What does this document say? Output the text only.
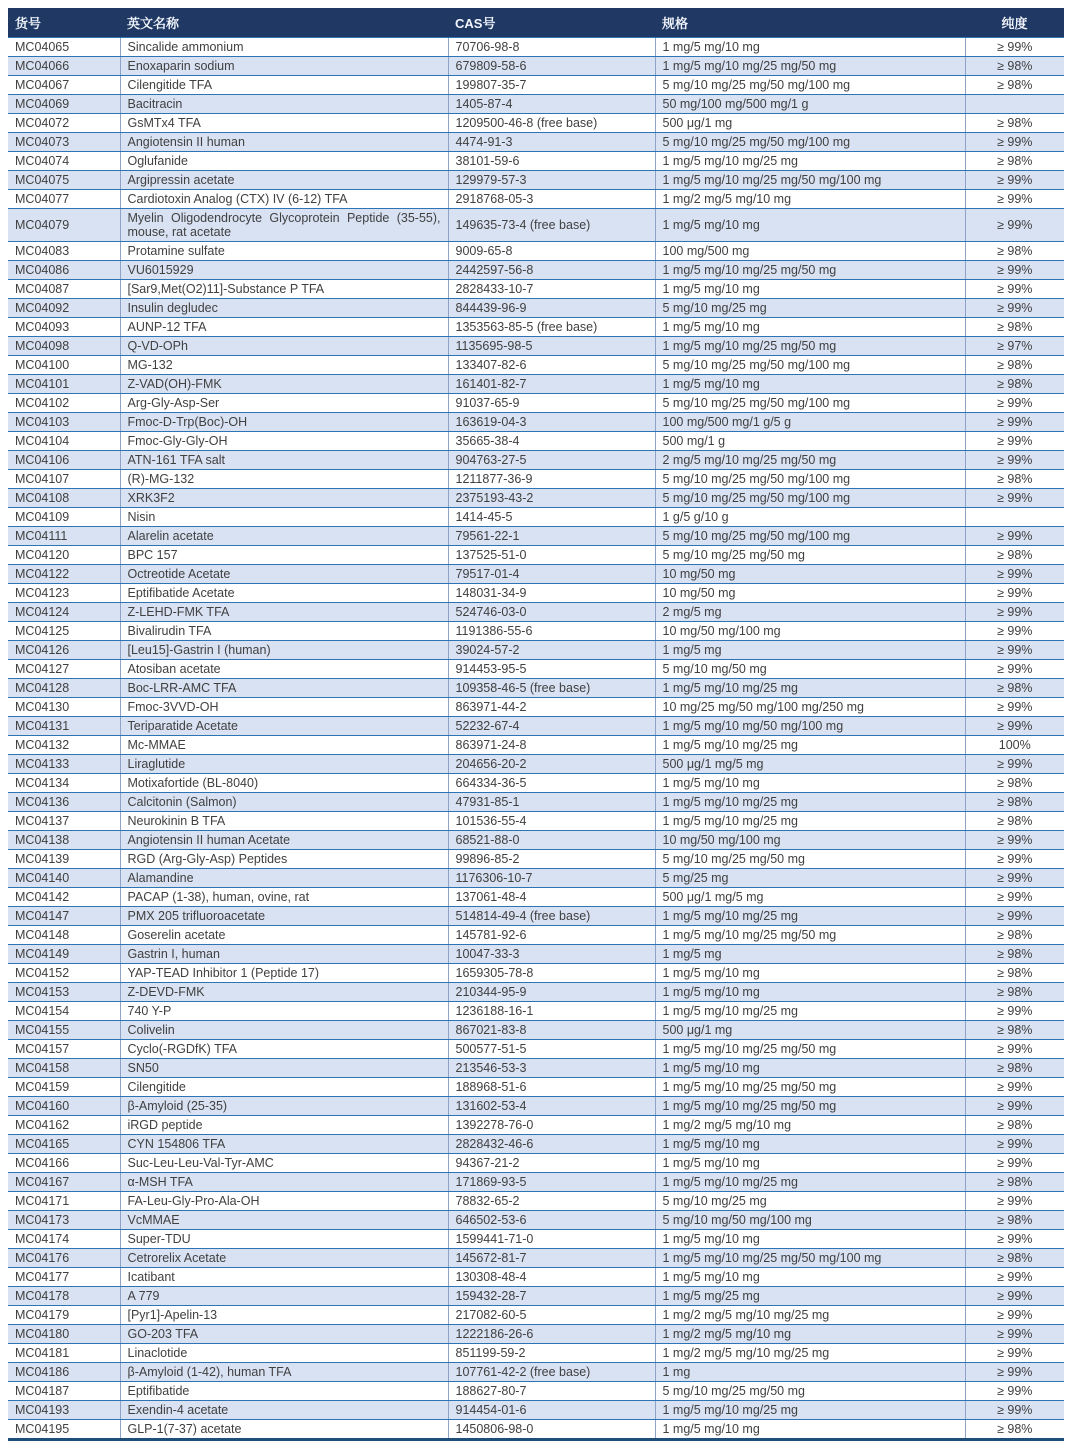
货号	英文名称	CAS号	规格	纯度
MC04065	Sincalide ammonium	70706-98-8	1 mg/5 mg/10 mg	≥ 99%
MC04066	Enoxaparin sodium	679809-58-6	1 mg/5 mg/10 mg/25 mg/50 mg	≥ 98%
MC04067	Cilengitide TFA	199807-35-7	5 mg/10 mg/25 mg/50 mg/100 mg	≥ 98%
MC04069	Bacitracin	1405-87-4	50 mg/100 mg/500 mg/1 g	
MC04072	GsMTx4 TFA	1209500-46-8 (free base)	500 μg/1 mg	≥ 98%
MC04073	Angiotensin II human	4474-91-3	5 mg/10 mg/25 mg/50 mg/100 mg	≥ 99%
MC04074	Oglufanide	38101-59-6	1 mg/5 mg/10 mg/25 mg	≥ 98%
MC04075	Argipressin acetate	129979-57-3	1 mg/5 mg/10 mg/25 mg/50 mg/100 mg	≥ 99%
MC04077	Cardiotoxin Analog (CTX) IV (6-12) TFA	2918768-05-3	1 mg/2 mg/5 mg/10 mg	≥ 99%
MC04079	Myelin Oligodendrocyte Glycoprotein Peptide (35-55), mouse, rat acetate	149635-73-4 (free base)	1 mg/5 mg/10 mg	≥ 99%
MC04083	Protamine sulfate	9009-65-8	100 mg/500 mg	≥ 98%
MC04086	VU6015929	2442597-56-8	1 mg/5 mg/10 mg/25 mg/50 mg	≥ 99%
MC04087	[Sar9,Met(O2)11]-Substance P TFA	2828433-10-7	1 mg/5 mg/10 mg	≥ 99%
MC04092	Insulin degludec	844439-96-9	5 mg/10 mg/25 mg	≥ 99%
MC04093	AUNP-12 TFA	1353563-85-5 (free base)	1 mg/5 mg/10 mg	≥ 98%
MC04098	Q-VD-OPh	1135695-98-5	1 mg/5 mg/10 mg/25 mg/50 mg	≥ 97%
MC04100	MG-132	133407-82-6	5 mg/10 mg/25 mg/50 mg/100 mg	≥ 98%
MC04101	Z-VAD(OH)-FMK	161401-82-7	1 mg/5 mg/10 mg	≥ 98%
MC04102	Arg-Gly-Asp-Ser	91037-65-9	5 mg/10 mg/25 mg/50 mg/100 mg	≥ 99%
MC04103	Fmoc-D-Trp(Boc)-OH	163619-04-3	100 mg/500 mg/1 g/5 g	≥ 99%
MC04104	Fmoc-Gly-Gly-OH	35665-38-4	500 mg/1 g	≥ 99%
MC04106	ATN-161 TFA salt	904763-27-5	2 mg/5 mg/10 mg/25 mg/50 mg	≥ 99%
MC04107	(R)-MG-132	1211877-36-9	5 mg/10 mg/25 mg/50 mg/100 mg	≥ 98%
MC04108	XRK3F2	2375193-43-2	5 mg/10 mg/25 mg/50 mg/100 mg	≥ 99%
MC04109	Nisin	1414-45-5	1 g/5 g/10 g	
MC04111	Alarelin acetate	79561-22-1	5 mg/10 mg/25 mg/50 mg/100 mg	≥ 99%
MC04120	BPC 157	137525-51-0	5 mg/10 mg/25 mg/50 mg	≥ 98%
MC04122	Octreotide Acetate	79517-01-4	10 mg/50 mg	≥ 99%
MC04123	Eptifibatide Acetate	148031-34-9	10 mg/50 mg	≥ 99%
MC04124	Z-LEHD-FMK TFA	524746-03-0	2 mg/5 mg	≥ 99%
MC04125	Bivalirudin TFA	1191386-55-6	10 mg/50 mg/100 mg	≥ 99%
MC04126	[Leu15]-Gastrin I (human)	39024-57-2	1 mg/5 mg	≥ 99%
MC04127	Atosiban acetate	914453-95-5	5 mg/10 mg/50 mg	≥ 99%
MC04128	Boc-LRR-AMC TFA	109358-46-5 (free base)	1 mg/5 mg/10 mg/25 mg	≥ 98%
MC04130	Fmoc-3VVD-OH	863971-44-2	10 mg/25 mg/50 mg/100 mg/250 mg	≥ 99%
MC04131	Teriparatide Acetate	52232-67-4	1 mg/5 mg/10 mg/50 mg/100 mg	≥ 99%
MC04132	Mc-MMAE	863971-24-8	1 mg/5 mg/10 mg/25 mg	100%
MC04133	Liraglutide	204656-20-2	500 μg/1 mg/5 mg	≥ 99%
MC04134	Motixafortide (BL-8040)	664334-36-5	1 mg/5 mg/10 mg	≥ 98%
MC04136	Calcitonin (Salmon)	47931-85-1	1 mg/5 mg/10 mg/25 mg	≥ 98%
MC04137	Neurokinin B TFA	101536-55-4	1 mg/5 mg/10 mg/25 mg	≥ 98%
MC04138	Angiotensin II human Acetate	68521-88-0	10 mg/50 mg/100 mg	≥ 99%
MC04139	RGD (Arg-Gly-Asp) Peptides	99896-85-2	5 mg/10 mg/25 mg/50 mg	≥ 99%
MC04140	Alamandine	1176306-10-7	5 mg/25 mg	≥ 99%
MC04142	PACAP (1-38), human, ovine, rat	137061-48-4	500 μg/1 mg/5 mg	≥ 99%
MC04147	PMX 205 trifluoroacetate	514814-49-4 (free base)	1 mg/5 mg/10 mg/25 mg	≥ 99%
MC04148	Goserelin acetate	145781-92-6	1 mg/5 mg/10 mg/25 mg/50 mg	≥ 98%
MC04149	Gastrin I, human	10047-33-3	1 mg/5 mg	≥ 98%
MC04152	YAP-TEAD Inhibitor 1 (Peptide 17)	1659305-78-8	1 mg/5 mg/10 mg	≥ 98%
MC04153	Z-DEVD-FMK	210344-95-9	1 mg/5 mg/10 mg	≥ 98%
MC04154	740 Y-P	1236188-16-1	1 mg/5 mg/10 mg/25 mg	≥ 99%
MC04155	Colivelin	867021-83-8	500 μg/1 mg	≥ 98%
MC04157	Cyclo(-RGDfK) TFA	500577-51-5	1 mg/5 mg/10 mg/25 mg/50 mg	≥ 99%
MC04158	SN50	213546-53-3	1 mg/5 mg/10 mg	≥ 98%
MC04159	Cilengitide	188968-51-6	1 mg/5 mg/10 mg/25 mg/50 mg	≥ 99%
MC04160	β-Amyloid (25-35)	131602-53-4	1 mg/5 mg/10 mg/25 mg/50 mg	≥ 99%
MC04162	iRGD peptide	1392278-76-0	1 mg/2 mg/5 mg/10 mg	≥ 98%
MC04165	CYN 154806 TFA	2828432-46-6	1 mg/5 mg/10 mg	≥ 99%
MC04166	Suc-Leu-Leu-Val-Tyr-AMC	94367-21-2	1 mg/5 mg/10 mg	≥ 99%
MC04167	α-MSH TFA	171869-93-5	1 mg/5 mg/10 mg/25 mg	≥ 98%
MC04171	FA-Leu-Gly-Pro-Ala-OH	78832-65-2	5 mg/10 mg/25 mg	≥ 99%
MC04173	VcMMAE	646502-53-6	5 mg/10 mg/50 mg/100 mg	≥ 98%
MC04174	Super-TDU	1599441-71-0	1 mg/5 mg/10 mg	≥ 99%
MC04176	Cetrorelix Acetate	145672-81-7	1 mg/5 mg/10 mg/25 mg/50 mg/100 mg	≥ 98%
MC04177	Icatibant	130308-48-4	1 mg/5 mg/10 mg	≥ 99%
MC04178	A 779	159432-28-7	1 mg/5 mg/25 mg	≥ 99%
MC04179	[Pyr1]-Apelin-13	217082-60-5	1 mg/2 mg/5 mg/10 mg/25 mg	≥ 99%
MC04180	GO-203 TFA	1222186-26-6	1 mg/2 mg/5 mg/10 mg	≥ 99%
MC04181	Linaclotide	851199-59-2	1 mg/2 mg/5 mg/10 mg/25 mg	≥ 99%
MC04186	β-Amyloid (1-42), human TFA	107761-42-2 (free base)	1 mg	≥ 99%
MC04187	Eptifibatide	188627-80-7	5 mg/10 mg/25 mg/50 mg	≥ 99%
MC04193	Exendin-4 acetate	914454-01-6	1 mg/5 mg/10 mg/25 mg	≥ 99%
MC04195	GLP-1(7-37) acetate	1450806-98-0	1 mg/5 mg/10 mg	≥ 98%
